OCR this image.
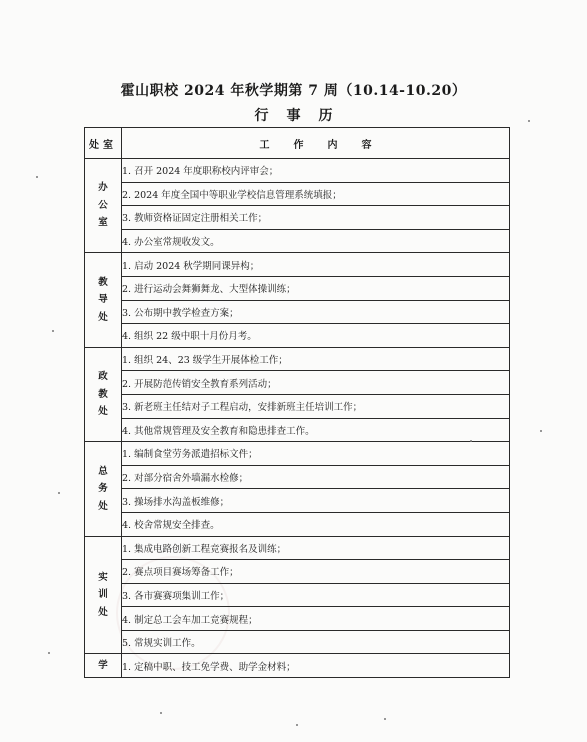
霍山职校 2024 年秋学期第 7 周（10.14-10.20）
行事历
处室	工作内容

办
公
室	1. 召开 2024 年度职称校内评审会；
	2. 2024 年度全国中等职业学校信息管理系统填报；
	3. 教师资格证固定注册相关工作；
	4. 办公室常规收发文。

教
导
处	1. 启动 2024 秋学期同课异构；
	2. 进行运动会舞狮舞龙、大型体操训练；
	3. 公布期中教学检查方案；
	4. 组织 22 级中职十月份月考。

政
教
处	1. 组织 24、23 级学生开展体检工作；
	2. 开展防范传销安全教育系列活动；
	3. 新老班主任结对子工程启动，安排新班主任培训工作；
	4. 其他常规管理及安全教育和隐患排查工作。

总
务
处	1. 编制食堂劳务派遣招标文件；
	2. 对部分宿舍外墙漏水检修；
	3. 操场排水沟盖板维修；
	4. 校舍常规安全排查。

实
训
处	1. 集成电路创新工程竞赛报名及训练；
	2. 赛点项目赛场筹备工作；
	3. 各市赛赛项集训工作；
	4. 制定总工会车加工竞赛规程；
	5. 常规实训工作。

学	1. 定稿中职、技工免学费、助学金材料；
